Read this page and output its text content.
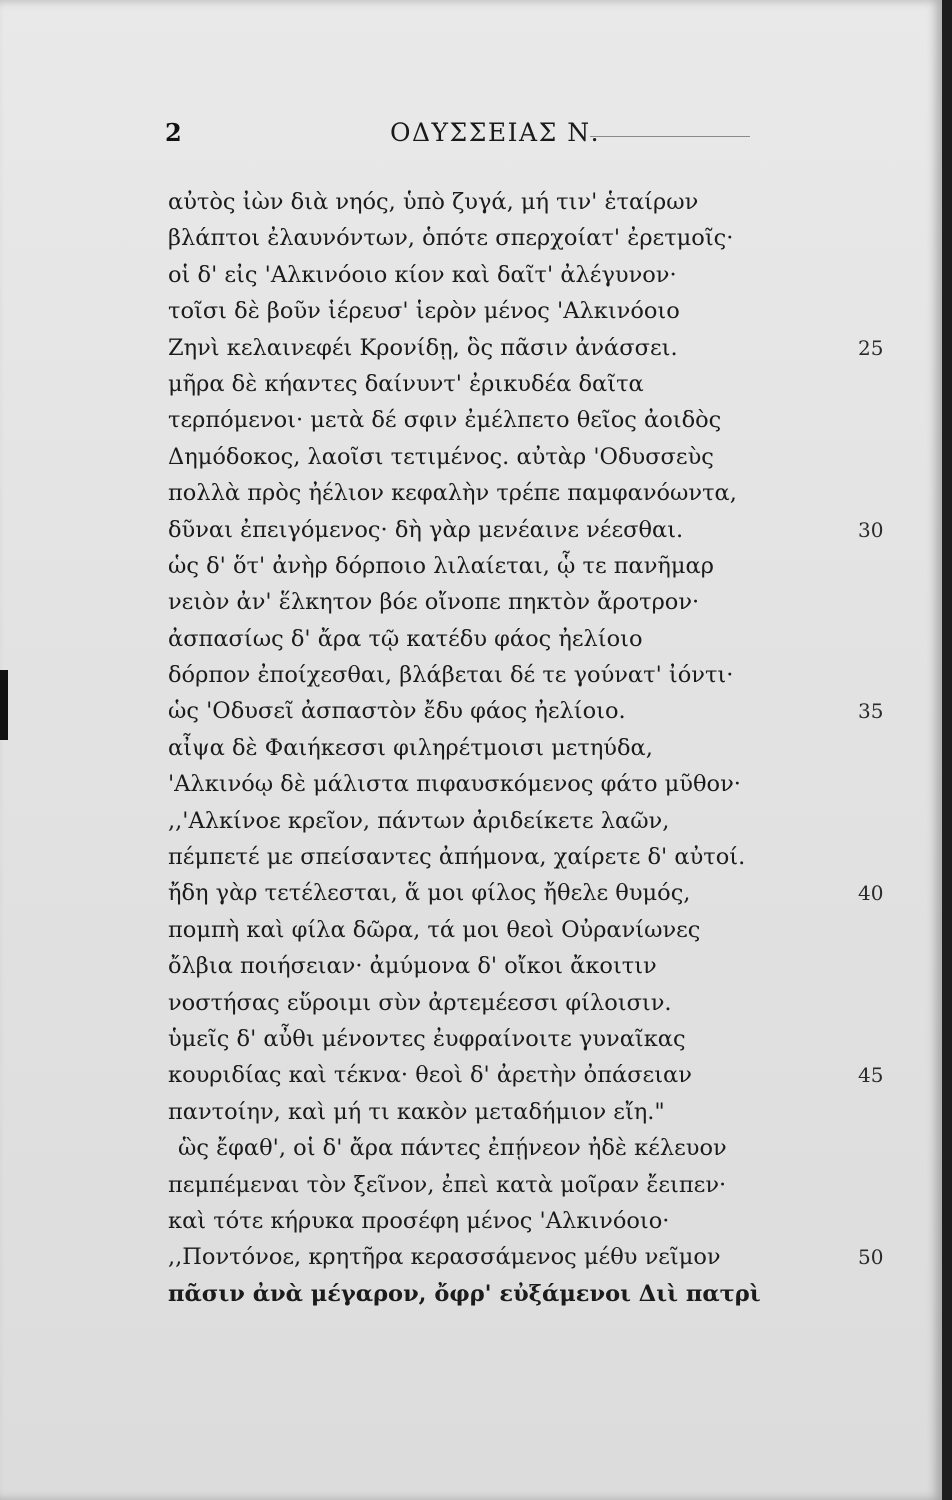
2	ΟΔΥΣΣΕΙΑΣ Ν.
αὐτὸς ἰὼν διὰ νηός, ὑπὸ ζυγά, μή τιν' ἑταίρων
βλάπτοι ἐλαυνόντων, ὁπότε σπερχοίατ' ἐρετμοῖς·
οἱ δ' εἰς 'Αλκινόοιο κίον καὶ δαῖτ' ἀλέγυνον·
τοῖσι δὲ βοῦν ἱέρευσ' ἱερὸν μένος 'Αλκινόοιο
Ζηνὶ κελαινεφέι Κρονίδῃ, ὃς πᾶσιν ἀνάσσει.	25
μῆρα δὲ κήαντες δαίνυντ' ἐρικυδέα δαῖτα
τερπόμενοι· μετὰ δέ σφιν ἐμέλπετο θεῖος ἀοιδὸς
Δημόδοκος, λαοῖσι τετιμένος. αὐτὰρ 'Οδυσσεὺς
πολλὰ πρὸς ἠέλιον κεφαλὴν τρέπε παμφανόωντα,
δῦναι ἐπειγόμενος· δὴ γὰρ μενέαινε νέεσθαι.	30
ὡς δ' ὅτ' ἀνὴρ δόρποιο λιλαίεται, ᾧ τε πανῆμαρ
νειὸν ἀν' ἕλκητον βόε οἴνοπε πηκτὸν ἄροτρον·
ἀσπασίως δ' ἄρα τῷ κατέδυ φάος ἠελίοιο
δόρπον ἐποίχεσθαι, βλάβεται δέ τε γούνατ' ἰόντι·
ὡς 'Οδυσεῖ ἀσπαστὸν ἔδυ φάος ἠελίοιο.	35
αἶψα δὲ Φαιήκεσσι φιληρέτμοισι μετηύδα,
'Αλκινόῳ δὲ μάλιστα πιφαυσκόμενος φάτο μῦθον·
,,'Αλκίνοε κρεῖον, πάντων ἀριδείκετε λαῶν,
πέμπετέ με σπείσαντες ἀπήμονα, χαίρετε δ' αὐτοί.
ἤδη γὰρ τετέλεσται, ἅ μοι φίλος ἤθελε θυμός,	40
πομπὴ καὶ φίλα δῶρα, τά μοι θεοὶ Οὐρανίωνες
ὄλβια ποιήσειαν· ἀμύμονα δ' οἴκοι ἄκοιτιν
νοστήσας εὕροιμι σὺν ἀρτεμέεσσι φίλοισιν.
ὑμεῖς δ' αὖθι μένοντες ἐυφραίνοιτε γυναῖκας
κουριδίας καὶ τέκνα· θεοὶ δ' ἀρετὴν ὀπάσειαν	45
παντοίην, καὶ μή τι κακὸν μεταδήμιον εἴη."
ὣς ἔφαθ', οἱ δ' ἄρα πάντες ἐπῄνεον ἠδὲ κέλευον
πεμπέμεναι τὸν ξεῖνον, ἐπεὶ κατὰ μοῖραν ἔειπεν·
καὶ τότε κήρυκα προσέφη μένος 'Αλκινόοιο·
,,Ποντόνοε, κρητῆρα κερασσάμενος μέθυ νεῖμον	50
πᾶσιν ἀνὰ μέγαρον, ὄφρ' εὐξάμενοι Διὶ πατρὶ
